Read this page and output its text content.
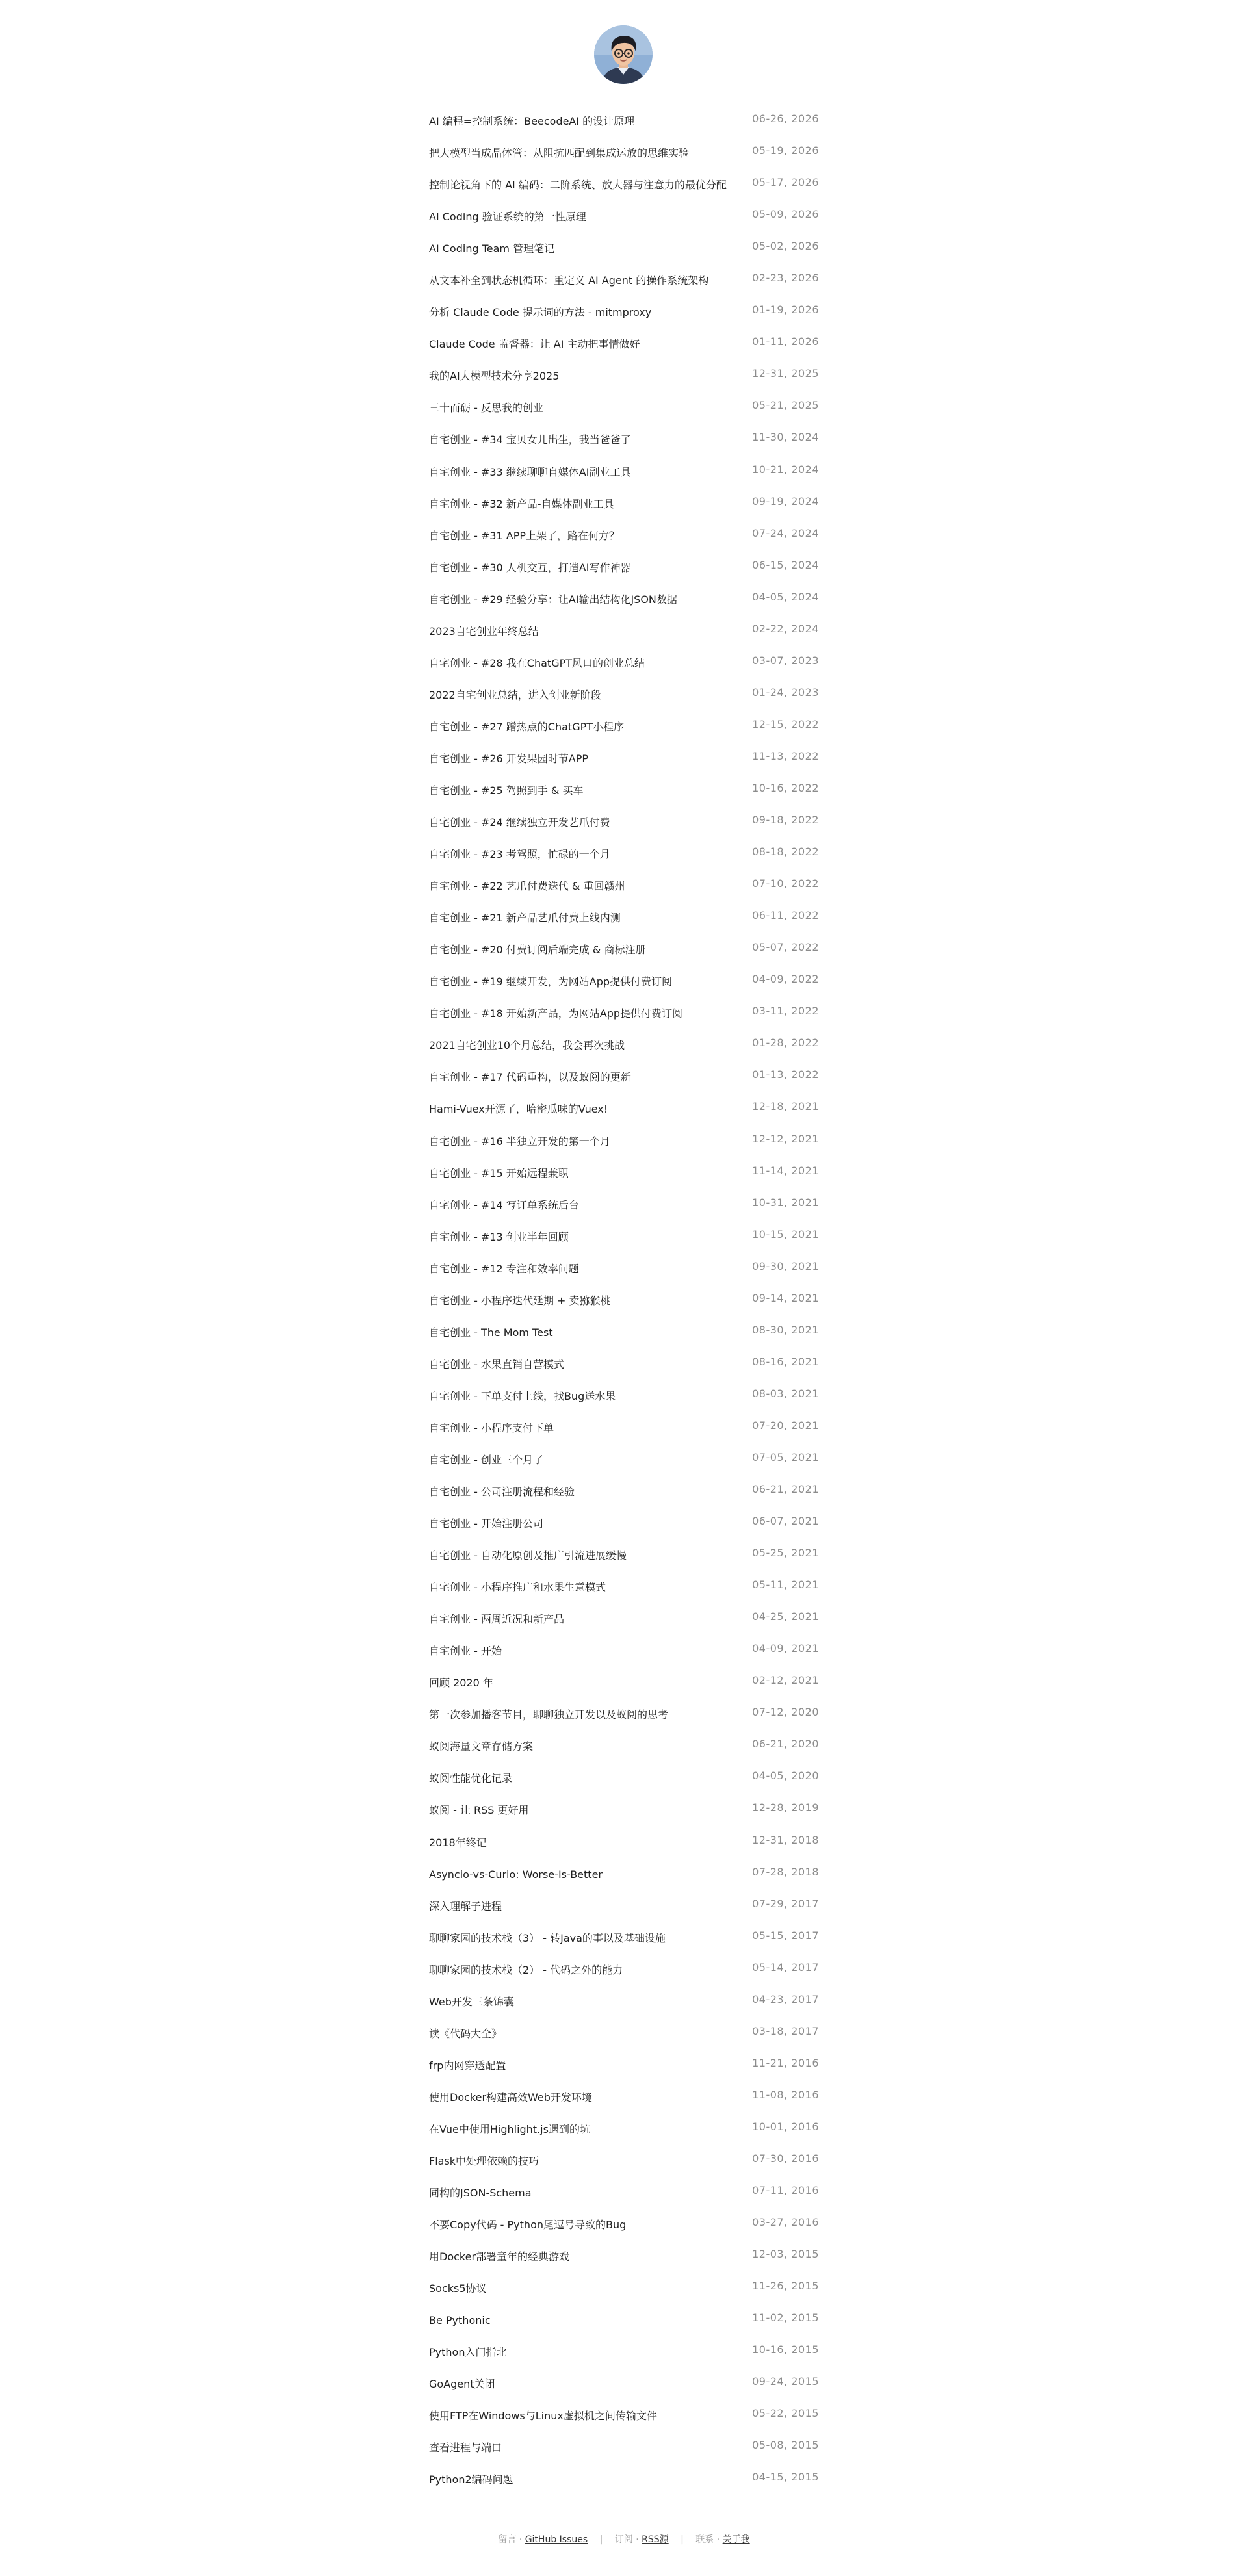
AI 编程=控制系统：BeecodeAI 的设计原理	06-26, 2026
把大模型当成晶体管：从阻抗匹配到集成运放的思维实验	05-19, 2026
控制论视角下的 AI 编码：二阶系统、放大器与注意力的最优分配 05-17, 2026
AI Coding 验证系统的第一性原理	05-09, 2026
AI Coding Team 管理笔记	05-02, 2026
从文本补全到状态机循环：重定义 AI Agent 的操作系统架构	02-23, 2026
分析 Claude Code 提示词的方法 - mitmproxy	01-19, 2026
Claude Code 监督器：让 AI 主动把事情做好	01-11, 2026
我的AI大模型技术分享2025	12-31, 2025
三十而砺 - 反思我的创业	05-21, 2025
自宅创业 - #34 宝贝女儿出生，我当爸爸了	11-30, 2024
自宅创业 - #33 继续聊聊自媒体AI副业工具	10-21, 2024
自宅创业 - #32 新产品-自媒体副业工具	09-19, 2024
自宅创业 - #31 APP上架了，路在何方？	07-24, 2024
自宅创业 - #30 人机交互，打造AI写作神器	06-15, 2024
自宅创业 - #29 经验分享：让AI输出结构化JSON数据	04-05, 2024
2023自宅创业年终总结	02-22, 2024
自宅创业 - #28 我在ChatGPT风口的创业总结	03-07, 2023
2022自宅创业总结，进入创业新阶段	01-24, 2023
自宅创业 - #27 蹭热点的ChatGPT小程序	12-15, 2022
自宅创业 - #26 开发果园时节APP	11-13, 2022
自宅创业 - #25 驾照到手 & 买车	10-16, 2022
自宅创业 - #24 继续独立开发艺爪付费	09-18, 2022
自宅创业 - #23 考驾照，忙碌的一个月	08-18, 2022
自宅创业 - #22 艺爪付费迭代 & 重回赣州	07-10, 2022
自宅创业 - #21 新产品艺爪付费上线内测	06-11, 2022
自宅创业 - #20 付费订阅后端完成 & 商标注册	05-07, 2022
自宅创业 - #19 继续开发，为网站App提供付费订阅	04-09, 2022
自宅创业 - #18 开始新产品，为网站App提供付费订阅	03-11, 2022
2021自宅创业10个月总结，我会再次挑战	01-28, 2022
自宅创业 - #17 代码重构，以及蚁阅的更新	01-13, 2022
Hami-Vuex开源了，哈密瓜味的Vuex!	12-18, 2021
自宅创业 - #16 半独立开发的第一个月	12-12, 2021
自宅创业 - #15 开始远程兼职	11-14, 2021
自宅创业 - #14 写订单系统后台	10-31, 2021
自宅创业 - #13 创业半年回顾	10-15, 2021
自宅创业 - #12 专注和效率问题	09-30, 2021
自宅创业 - 小程序迭代延期 + 卖猕猴桃	09-14, 2021
自宅创业 - The Mom Test	08-30, 2021
自宅创业 - 水果直销自营模式	08-16, 2021
自宅创业 - 下单支付上线，找Bug送水果	08-03, 2021
自宅创业 - 小程序支付下单	07-20, 2021
自宅创业 - 创业三个月了	07-05, 2021
自宅创业 - 公司注册流程和经验	06-21, 2021
自宅创业 - 开始注册公司	06-07, 2021
自宅创业 - 自动化原创及推广引流进展缓慢	05-25, 2021
自宅创业 - 小程序推广和水果生意模式	05-11, 2021
自宅创业 - 两周近况和新产品	04-25, 2021
自宅创业 - 开始	04-09, 2021
回顾 2020 年	02-12, 2021
第一次参加播客节目，聊聊独立开发以及蚁阅的思考	07-12, 2020
蚁阅海量文章存储方案	06-21, 2020
蚁阅性能优化记录	04-05, 2020
蚁阅 - 让 RSS 更好用	12-28, 2019
2018年终记	12-31, 2018
Asyncio-vs-Curio: Worse-Is-Better	07-28, 2018
深入理解子进程	07-29, 2017
聊聊家园的技术栈（3） - 转Java的事以及基础设施	05-15, 2017
聊聊家园的技术栈（2） - 代码之外的能力	05-14, 2017
Web开发三条锦囊	04-23, 2017
读《代码大全》	03-18, 2017
frp内网穿透配置	11-21, 2016
使用Docker构建高效Web开发环境	11-08, 2016
在Vue中使用Highlight.js遇到的坑	10-01, 2016
Flask中处理依赖的技巧	07-30, 2016
同构的JSON-Schema	07-11, 2016
不要Copy代码 - Python尾逗号导致的Bug	03-27, 2016
用Docker部署童年的经典游戏	12-03, 2015
Socks5协议	11-26, 2015
Be Pythonic	11-02, 2015
Python入门指北	10-16, 2015
GoAgent关闭	09-24, 2015
使用FTP在Windows与Linux虚拟机之间传输文件	05-22, 2015
查看进程与端口	05-08, 2015
Python2编码问题	04-15, 2015
留言 · GitHub Issues | 订阅 · RSS源 | 联系 · 关于我
